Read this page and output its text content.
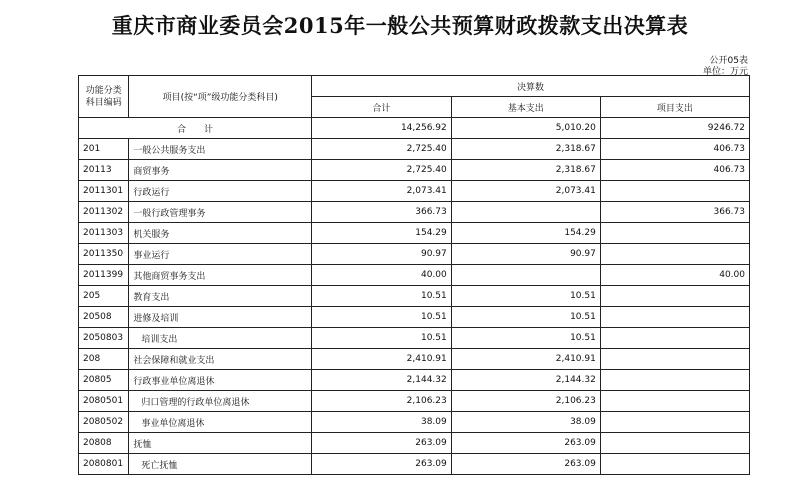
重庆市商业委员会2015年一般公共预算财政拨款支出决算表
公开05表
单位：万元
功能分类科目编码	项目(按“项”级功能分类科目)	决算数		
		合计	基本支出	项目支出
合　　计		14,256.92	5,010.20	9246.72
201	一般公共服务支出	2,725.40	2,318.67	406.73
20113	商贸事务	2,725.40	2,318.67	406.73
2011301	行政运行	2,073.41	2,073.41	
2011302	一般行政管理事务	366.73		366.73
2011303	机关服务	154.29	154.29	
2011350	事业运行	90.97	90.97	
2011399	其他商贸事务支出	40.00		40.00
205	教育支出	10.51	10.51	
20508	进修及培训	10.51	10.51	
2050803	培训支出	10.51	10.51	
208	社会保障和就业支出	2,410.91	2,410.91	
20805	行政事业单位离退休	2,144.32	2,144.32	
2080501	归口管理的行政单位离退休	2,106.23	2,106.23	
2080502	事业单位离退休	38.09	38.09	
20808	抚恤	263.09	263.09	
2080801	死亡抚恤	263.09	263.09	
